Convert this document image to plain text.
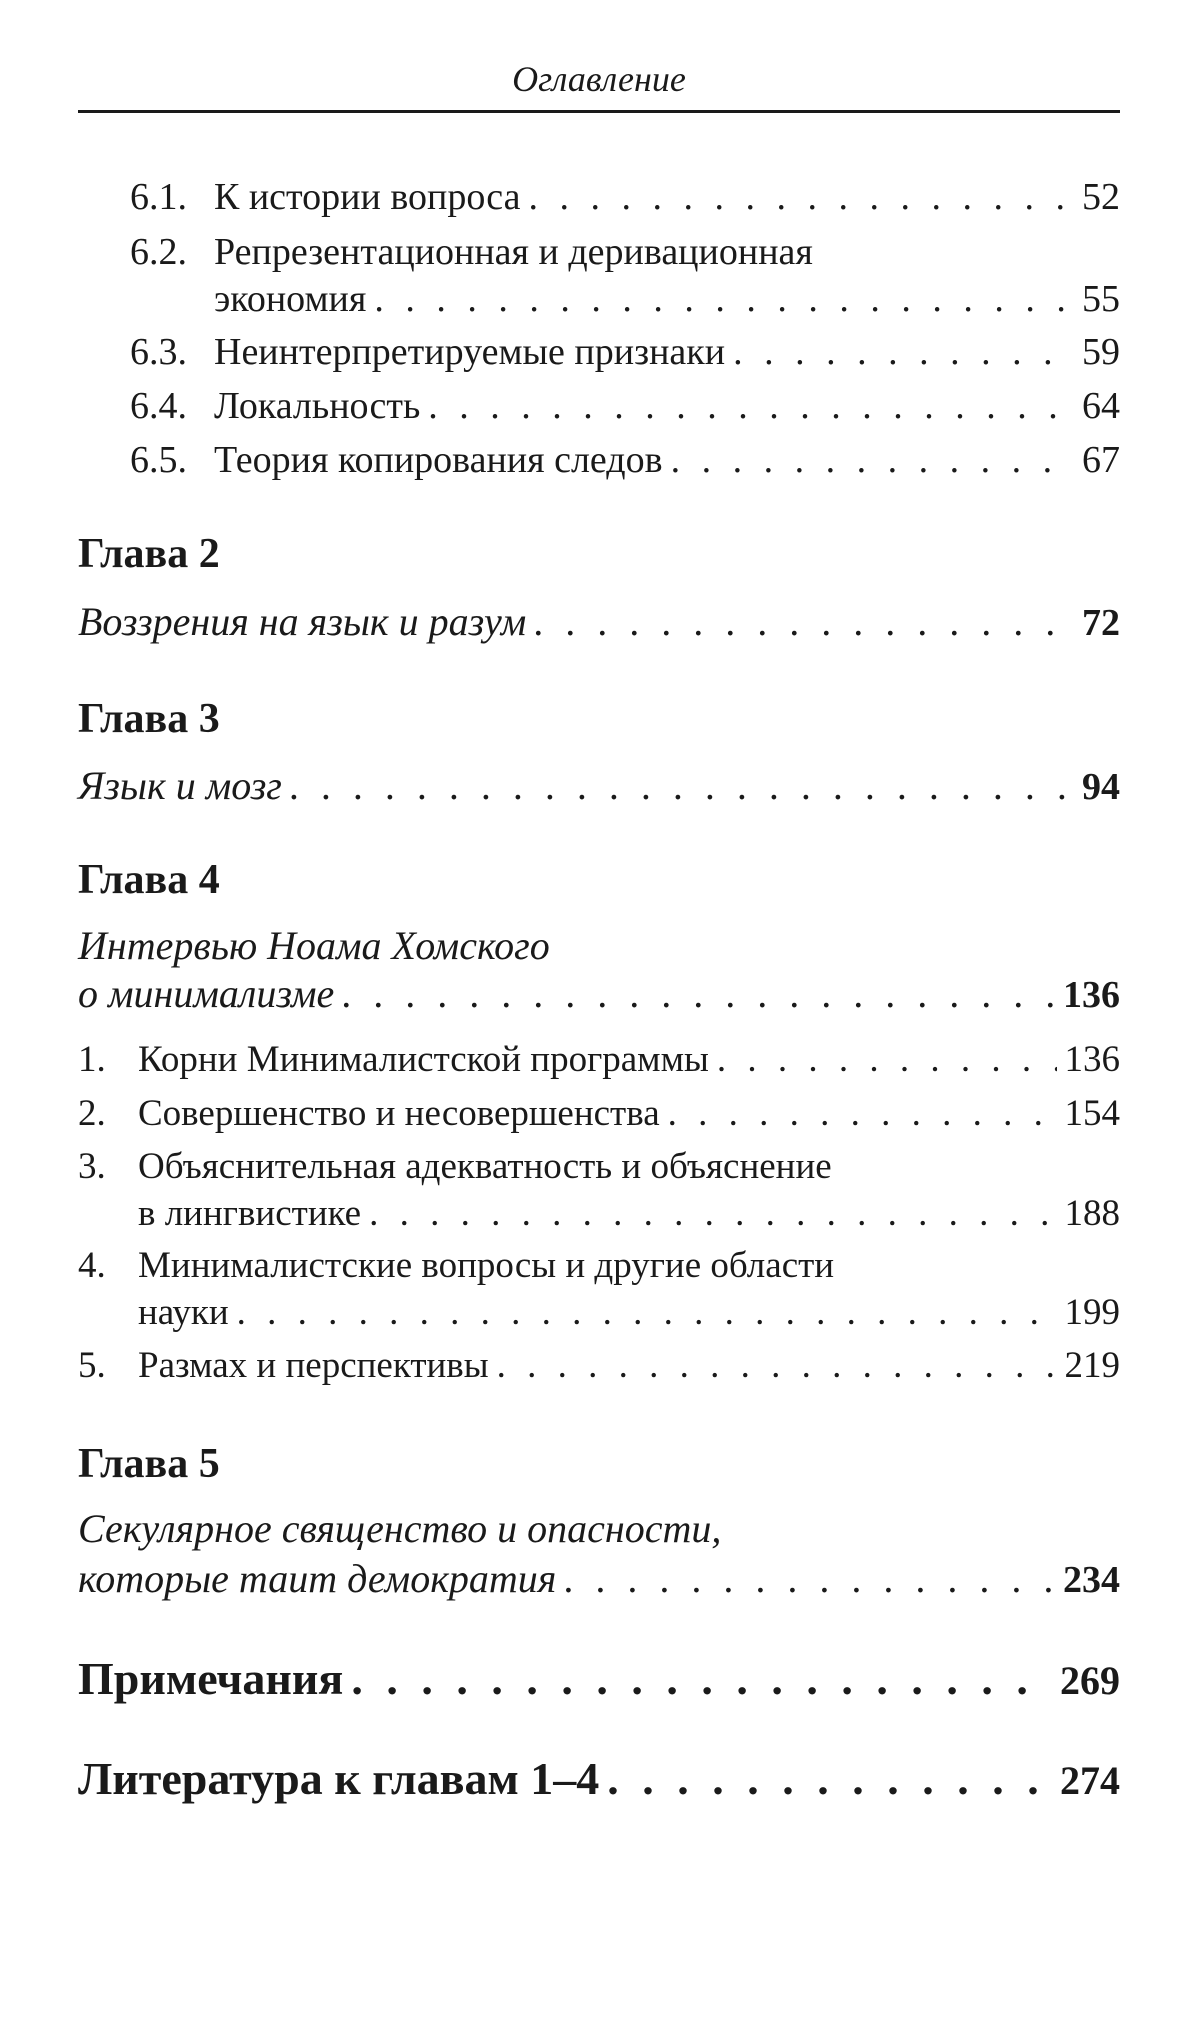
Оглавление
6.1. К истории вопроса . . .	52
6.2. Репрезентационная и деривационная
экономия . . .	55
6.3. Неинтерпретируемые признаки . . .	59
6.4. Локальность . . .	64
6.5. Теория копирования следов . . .	67
Глава 2
Воззрения на язык и разум . . .	72
Глава 3
Язык и мозг . . .	94
Глава 4
Интервью Ноама Хомского
о минимализме . . .	136
1. Корни Минималистской программы . . .	136
2. Совершенство и несовершенства . . .	154
3. Объяснительная адекватность и объяснение
в лингвистике . . .	188
4. Минималистские вопросы и другие области
науки . . .	199
5. Размах и перспективы . . .	219
Глава 5
Секулярное священство и опасности,
которые таит демократия . . .	234
Примечания . . .	269
Литература к главам 1–4 . . .	274
